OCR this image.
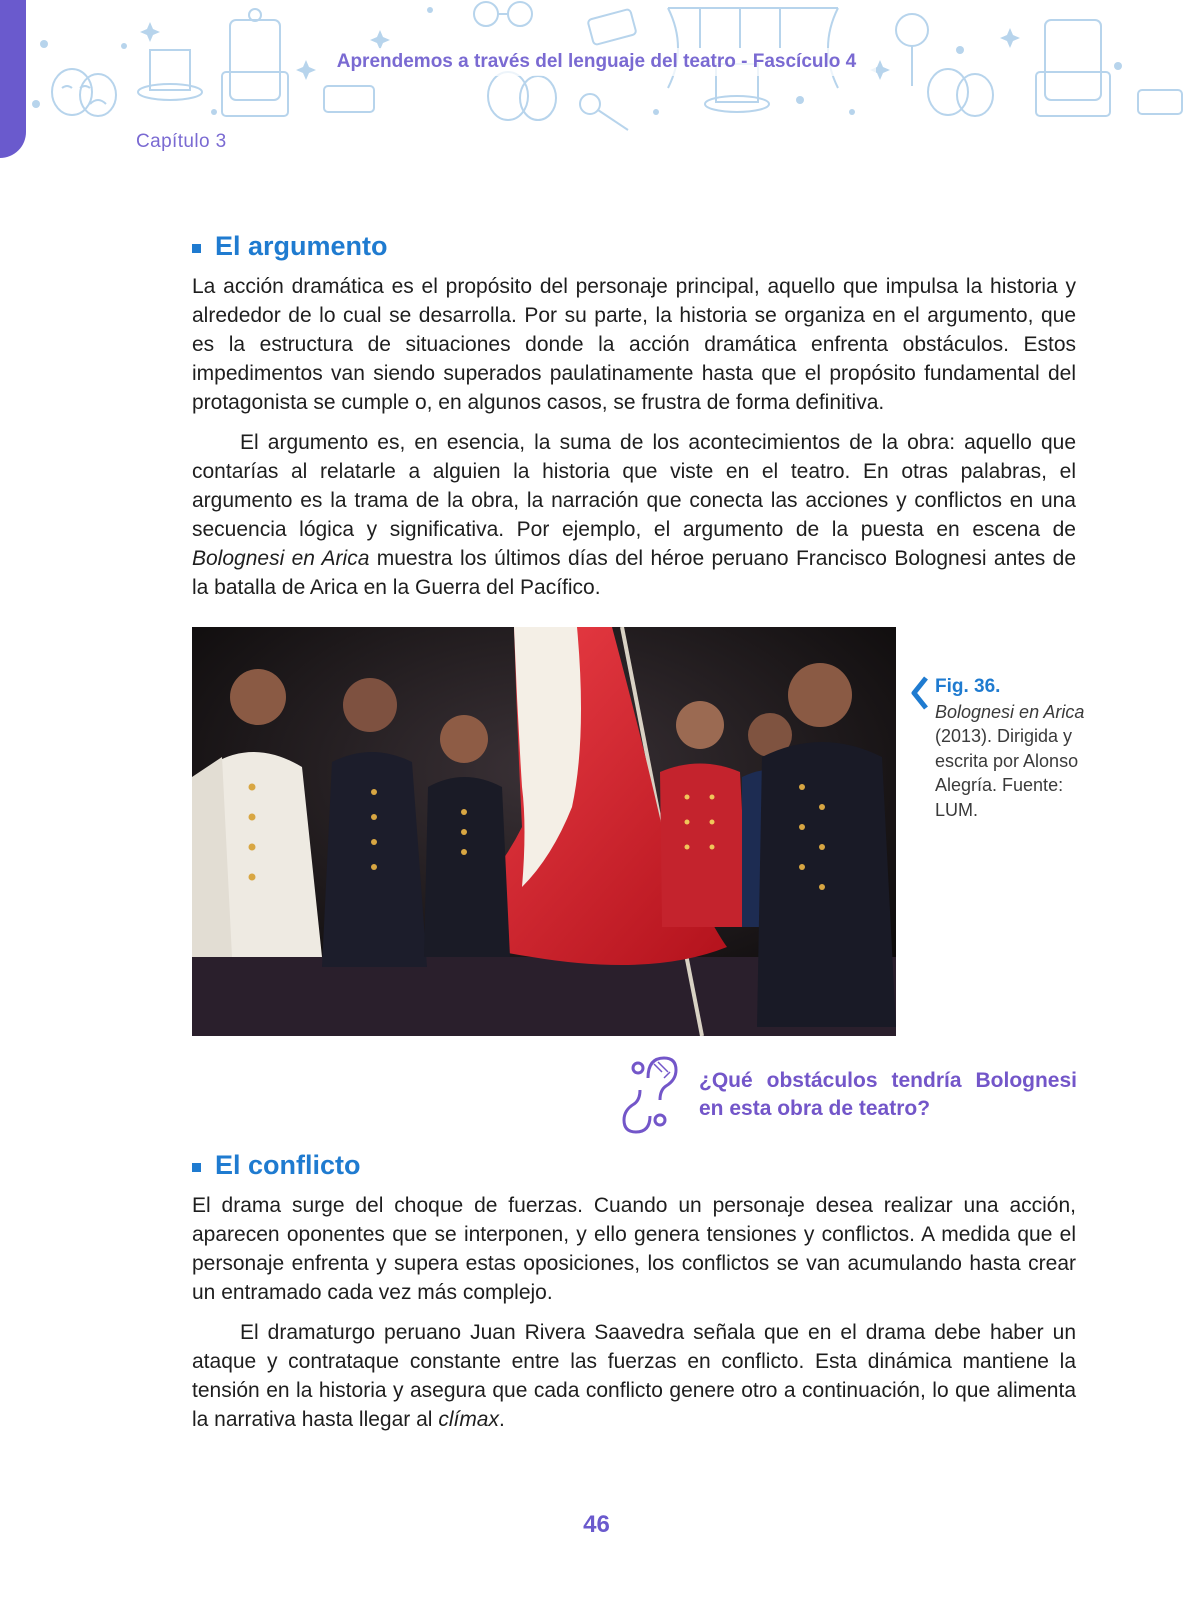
Aprendemos a través del lenguaje del teatro - Fascículo 4
Capítulo 3
El argumento

La acción dramática es el propósito del personaje principal, aquello que impulsa la historia y alrededor de lo cual se desarrolla. Por su parte, la historia se organiza en el argumento, que es la estructura de situaciones donde la acción dramática enfrenta obstáculos. Estos impedimentos van siendo superados paulatinamente hasta que el propósito fundamental del protagonista se cumple o, en algunos casos, se frustra de forma definitiva.

El argumento es, en esencia, la suma de los acontecimientos de la obra: aquello que contarías al relatarle a alguien la historia que viste en el teatro. En otras palabras, el argumento es la trama de la obra, la narración que conecta las acciones y conflictos en una secuencia lógica y significativa. Por ejemplo, el argumento de la puesta en escena de Bolognesi en Arica muestra los últimos días del héroe peruano Francisco Bolognesi antes de la batalla de Arica en la Guerra del Pacífico.

Fig. 36.
Bolognesi en Arica (2013). Dirigida y escrita por Alonso Alegría. Fuente: LUM.
¿Qué obstáculos tendría Bolognesi en esta obra de teatro?
El conflicto

El drama surge del choque de fuerzas. Cuando un personaje desea realizar una acción, aparecen oponentes que se interponen, y ello genera tensiones y conflictos. A medida que el personaje enfrenta y supera estas oposiciones, los conflictos se van acumulando hasta crear un entramado cada vez más complejo.

El dramaturgo peruano Juan Rivera Saavedra señala que en el drama debe haber un ataque y contrataque constante entre las fuerzas en conflicto. Esta dinámica mantiene la tensión en la historia y asegura que cada conflicto genere otro a continuación, lo que alimenta la narrativa hasta llegar al clímax.

46
